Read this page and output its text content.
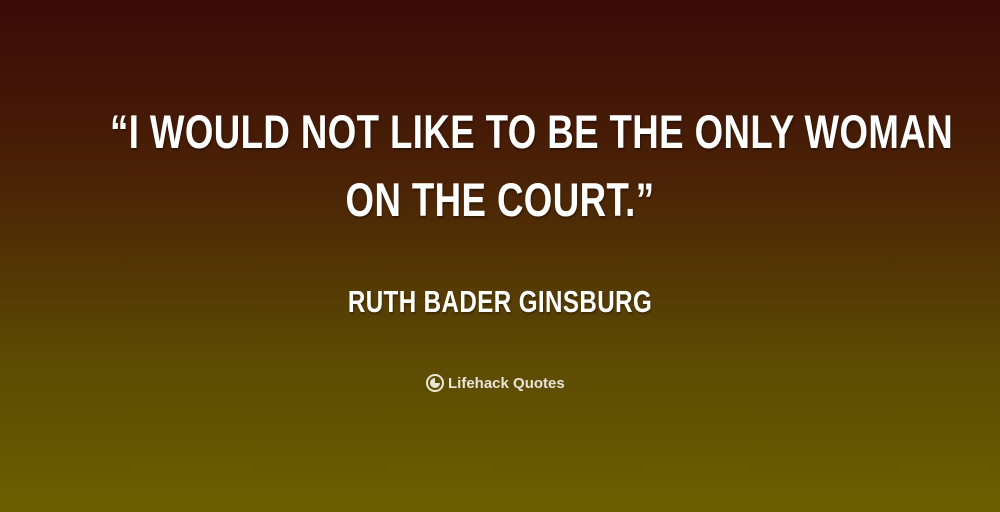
“I WOULD NOT LIKE TO BE THE ONLY WOMAN
ON THE COURT.”
RUTH BADER GINSBURG
Lifehack Quotes
